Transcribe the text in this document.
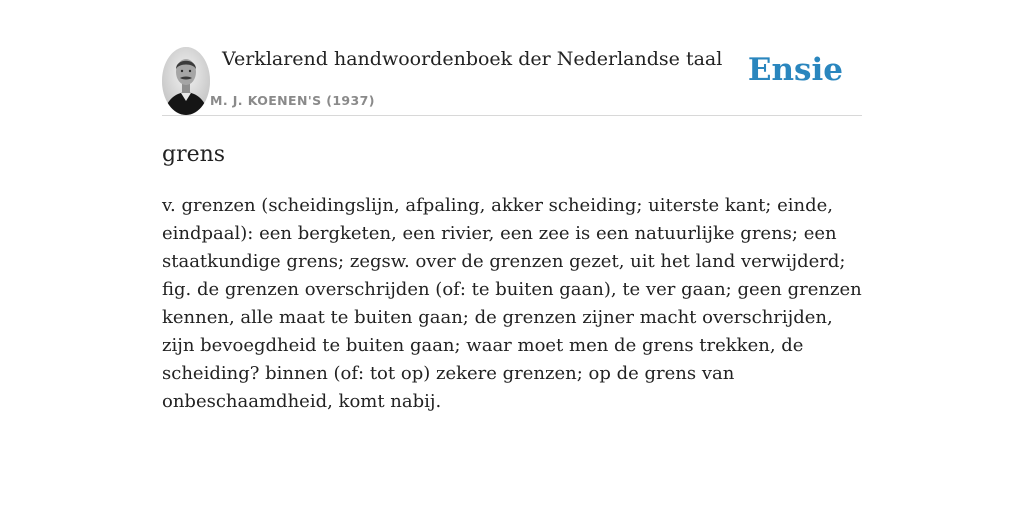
Verklarend handwoordenboek der Nederlandse taal
M. J. KOENEN'S (1937)
Ensie
grens

v. grenzen (scheidingslijn, afpaling, akker scheiding; uiterste kant; einde, eindpaal): een bergketen, een rivier, een zee is een natuurlijke grens; een staatkundige grens; zegsw. over de grenzen gezet, uit het land verwijderd; fig. de grenzen overschrijden (of: te buiten gaan), te ver gaan; geen grenzen kennen, alle maat te buiten gaan; de grenzen zijner macht overschrijden, zijn bevoegdheid te buiten gaan; waar moet men de grens trekken, de scheiding? binnen (of: tot op) zekere grenzen; op de grens van onbeschaamdheid, komt nabij.
